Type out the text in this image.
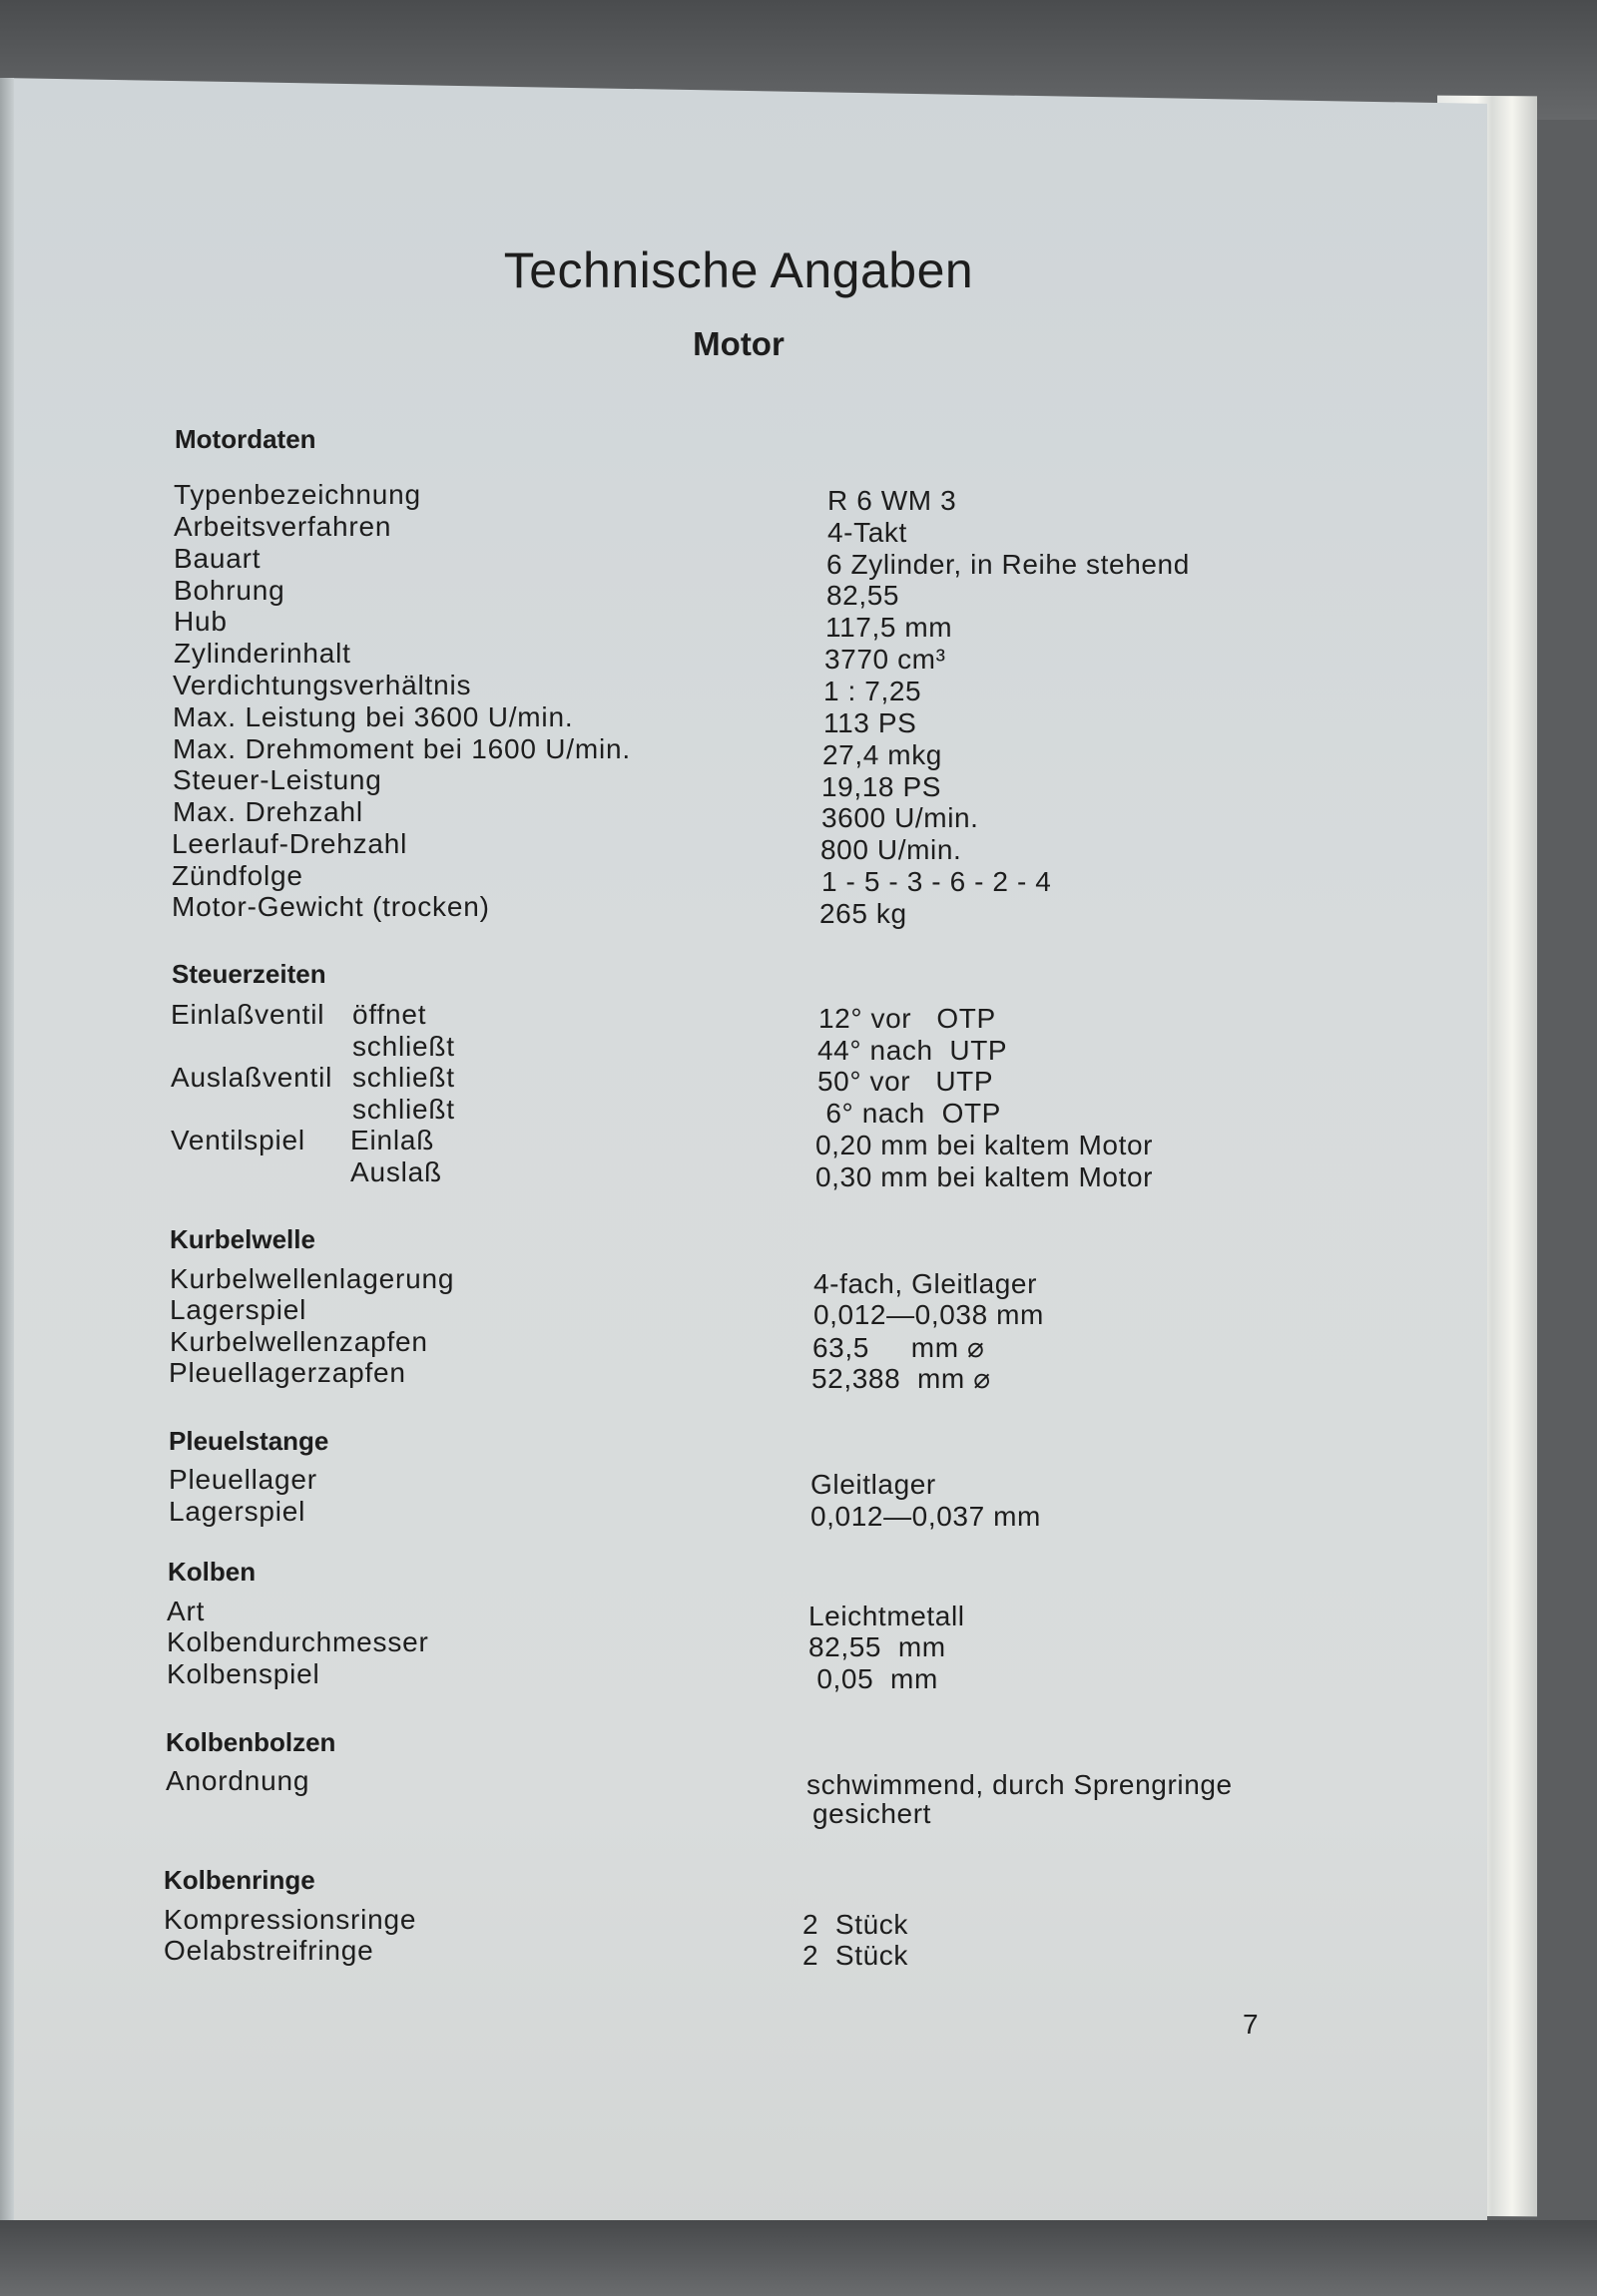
Technische Angaben
Motor
Motordaten
Typenbezeichnung	R 6 WM 3
Arbeitsverfahren	4-Takt
Bauart	6 Zylinder, in Reihe stehend
Bohrung	82,55
Hub	117,5 mm
Zylinderinhalt	3770 cm³
Verdichtungsverhältnis	1 : 7,25
Max. Leistung bei 3600 U/min.	113 PS
Max. Drehmoment bei 1600 U/min.	27,4 mkg
Steuer-Leistung	19,18 PS
Max. Drehzahl	3600 U/min.
Leerlauf-Drehzahl	800 U/min.
Zündfolge	1 - 5 - 3 - 6 - 2 - 4
Motor-Gewicht (trocken)	265 kg
Steuerzeiten
Einlaßventil öffnet	12° vor   OTP
schließt	44° nach  UTP
Auslaßventil schließt	50° vor   UTP
schließt	6° nach  OTP
Ventilspiel Einlaß	0,20 mm bei kaltem Motor
Auslaß	0,30 mm bei kaltem Motor
Kurbelwelle
Kurbelwellenlagerung	4-fach, Gleitlager
Lagerspiel	0,012—0,038 mm
Kurbelwellenzapfen	63,5     mm ⌀
Pleuellagerzapfen	52,388  mm ⌀
Pleuelstange
Pleuellager	Gleitlager
Lagerspiel	0,012—0,037 mm
Kolben
Art	Leichtmetall
Kolbendurchmesser	82,55  mm
Kolbenspiel	0,05  mm
Kolbenbolzen
Anordnung	schwimmend, durch Sprengringe
gesichert
Kolbenringe
Kompressionsringe	2  Stück
Oelabstreifringe	2  Stück
7
